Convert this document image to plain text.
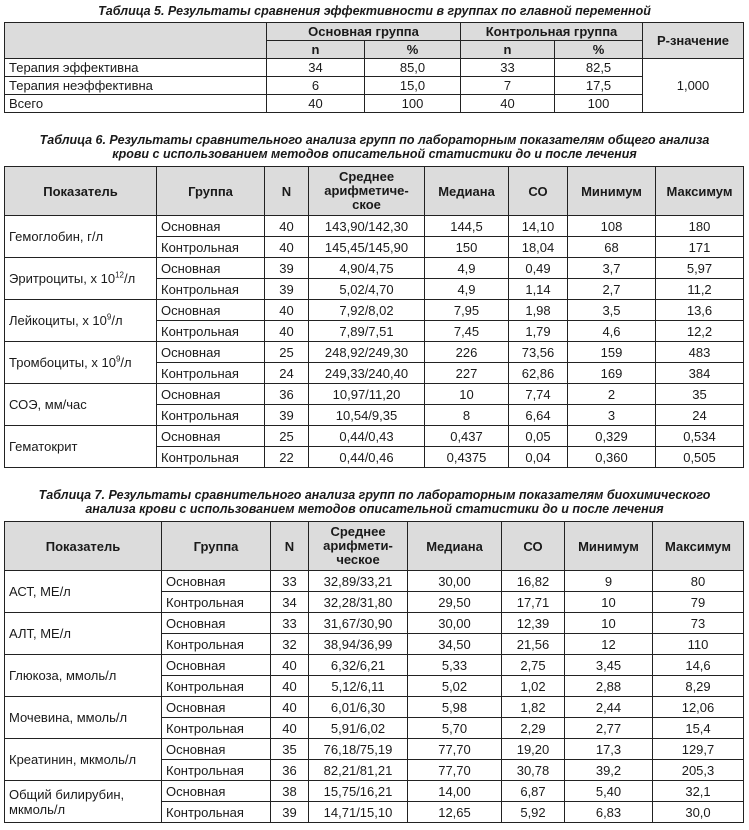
Таблица 5. Результаты сравнения эффективности в группах по главной переменной
	Основная группа		Контрольная группа		Р-значение
	n	%	n	%	
Терапия эффективна	34	85,0	33	82,5	1,000
Терапия неэффективна	6	15,0	7	17,5	
Всего	40	100	40	100	
Таблица 6. Результаты сравнительного анализа групп по лабораторным показателям общего анализа
крови с использованием методов описательной статистики до и после лечения
Показатель	Группа	N	Среднее арифметиче-ское	Медиана	СО	Минимум	Максимум
Гемоглобин, г/л	Основная	40	143,90/142,30	144,5	14,10	108	180
	Контрольная	40	145,45/145,90	150	18,04	68	171
Эритроциты, х $10^{12}/л$	Основная	39	4,90/4,75	4,9	0,49	3,7	5,97
	Контрольная	39	5,02/4,70	4,9	1,14	2,7	11,2
Лейкоциты, х $10^9/л$	Основная	40	7,92/8,02	7,95	1,98	3,5	13,6
	Контрольная	40	7,89/7,51	7,45	1,79	4,6	12,2
Тромбоциты, х $10^9/л$	Основная	25	248,92/249,30	226	73,56	159	483
	Контрольная	24	249,33/240,40	227	62,86	169	384
СОЭ, мм/час	Основная	36	10,97/11,20	10	7,74	2	35
	Контрольная	39	10,54/9,35	8	6,64	3	24
Гематокрит	Основная	25	0,44/0,43	0,437	0,05	0,329	0,534
	Контрольная	22	0,44/0,46	0,4375	0,04	0,360	0,505
Таблица 7. Результаты сравнительного анализа групп по лабораторным показателям биохимического
анализа крови с использованием методов описательной статистики до и после лечения
Показатель	Группа	N	Среднее арифмети-ческое	Медиана	СО	Минимум	Максимум
АСТ, МЕ/л	Основная	33	32,89/33,21	30,00	16,82	9	80
	Контрольная	34	32,28/31,80	29,50	17,71	10	79
АЛТ, МЕ/л	Основная	33	31,67/30,90	30,00	12,39	10	73
	Контрольная	32	38,94/36,99	34,50	21,56	12	110
Глюкоза, ммоль/л	Основная	40	6,32/6,21	5,33	2,75	3,45	14,6
	Контрольная	40	5,12/6,11	5,02	1,02	2,88	8,29
Мочевина, ммоль/л	Основная	40	6,01/6,30	5,98	1,82	2,44	12,06
	Контрольная	40	5,91/6,02	5,70	2,29	2,77	15,4
Креатинин, мкмоль/л	Основная	35	76,18/75,19	77,70	19,20	17,3	129,7
	Контрольная	36	82,21/81,21	77,70	30,78	39,2	205,3
Общий билирубин, мкмоль/л	Основная	38	15,75/16,21	14,00	6,87	5,40	32,1
	Контрольная	39	14,71/15,10	12,65	5,92	6,83	30,0
